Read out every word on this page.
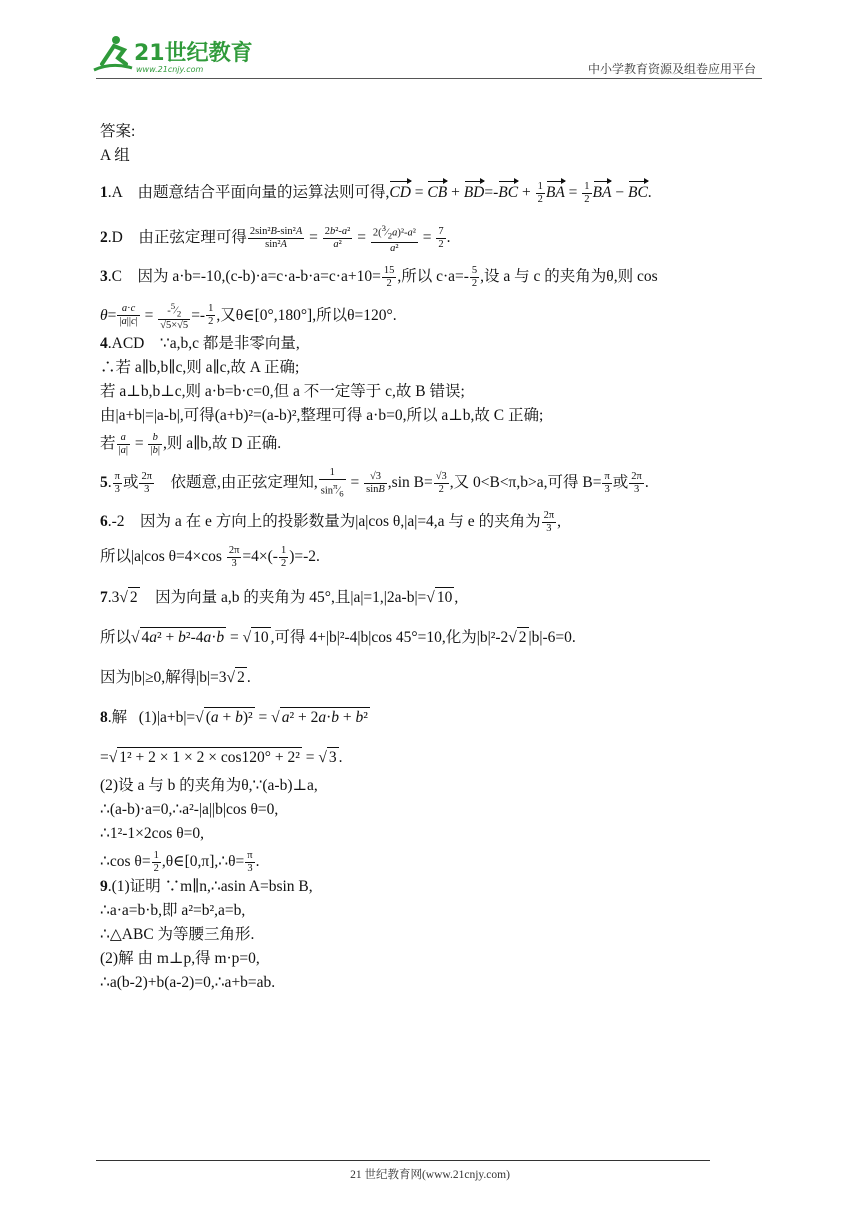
21世纪教育
www.21cnjy.com	中小学教育资源及组卷应用平台
答案:
A 组
1.A 由题意结合平面向量的运算法则可得,CD = CB + $BD=-BC + \frac{1}{2}$ BA = $\frac{1}{2}$ BA − BC.
2.D 由正弦定理可得 $\frac{\text{2sin²B-sin²A}}{\text{sin²A}} = \frac{\text{2b²-a²}}{\text{a²}} = \frac{2(^3⁄_2a)^2-a^2}{\text{a²}} = \frac{7}{2}$ .
3.C 因为 $a\cdot b=-10,(c-b)\cdot a=c\cdot a-b\cdot a=c\cdot a+10= \frac{15}{2}$ ,所以 $c\cdot a=- \frac{5}{2}$ ,设 a 与 c 的夹角为θ,则 cos
$\theta= \frac{a\cdot c}{|a||c|} = \frac{-^5⁄_2}{√5\times√5} =- \frac{1}{2}$ ,又θ∈[0°,180°],所以θ=120°.
4.ACD ∵a,b,c 都是非零向量,
∴若 a∥b,b∥c,则 a∥c,故 A 正确;
若 a⊥b,b⊥c,则 a·b=b·c=0,但 a 不一定等于 c,故 B 错误;
由|a+b|=|a-b|,可得(a+b)²=(a-b)²,整理可得 a·b=0,所以 a⊥b,故 C 正确;
若 $\frac{a}{|a|} = \frac{b}{|b|}$ ,则 a∥b,故 D 正确.
5. $\frac{\pi}{3}$ 或 $\frac{2\pi}{3}$ 依题意,由正弦定理知, $\frac{1}{\sin^\pi⁄_6} = \frac{√3}{\sin B} ,\sin$ $B= \frac{√3}{2}$ ,又 0<B<π,b>a,可得 $B= \frac{\pi}{3}$ 或 $\frac{2\pi}{3}$ .
6.-2 因为 a 在 e 方向上的投影数量为|a|cos θ,|a|=4,a 与 e 的夹角为 $\frac{2\pi}{3}$ ,
所以|a|cos $\theta=4\times\cos \frac{2\pi}{3} =4\times(- \frac{1}{2} )=-2$.
7.3√ 2 因为向量 a,b 的夹角为 45°,且|a|=1,|2a-b|=√ 10 ,
所以√ 4a² + b²-4a·b = √ 10 ,可得 4+|b|²-4|b|cos 45°=10,化为|b|²-2√ 2 |b|-6=0.
因为|b|≥0,解得|b|=3√ 2 .
8.解 (1)|a+b|=√ (a + b)² = √ a² + 2a·b + b²
=√ 1² + 2 × 1 × 2 × cos120° + 2² = √ 3 .
(2)设 a 与 b 的夹角为θ,∵(a-b)⊥a,
∴(a-b)·a=0,∴a²-|a||b|cos θ=0,
∴1²-1×2cos θ=0,
∴cos $\theta= \frac{1}{2}$ ,θ∈[0,π],∴θ= $\frac{\pi}{3}$ .
9.(1)证明 ∵m∥n,∴asin A=bsin B,
∴a·a=b·b,即 a²=b²,a=b,
∴△ABC 为等腰三角形.
(2)解 由 m⊥p,得 m·p=0,
∴a(b-2)+b(a-2)=0,∴a+b=ab.
21 世纪教育网(www.21cnjy.com)
